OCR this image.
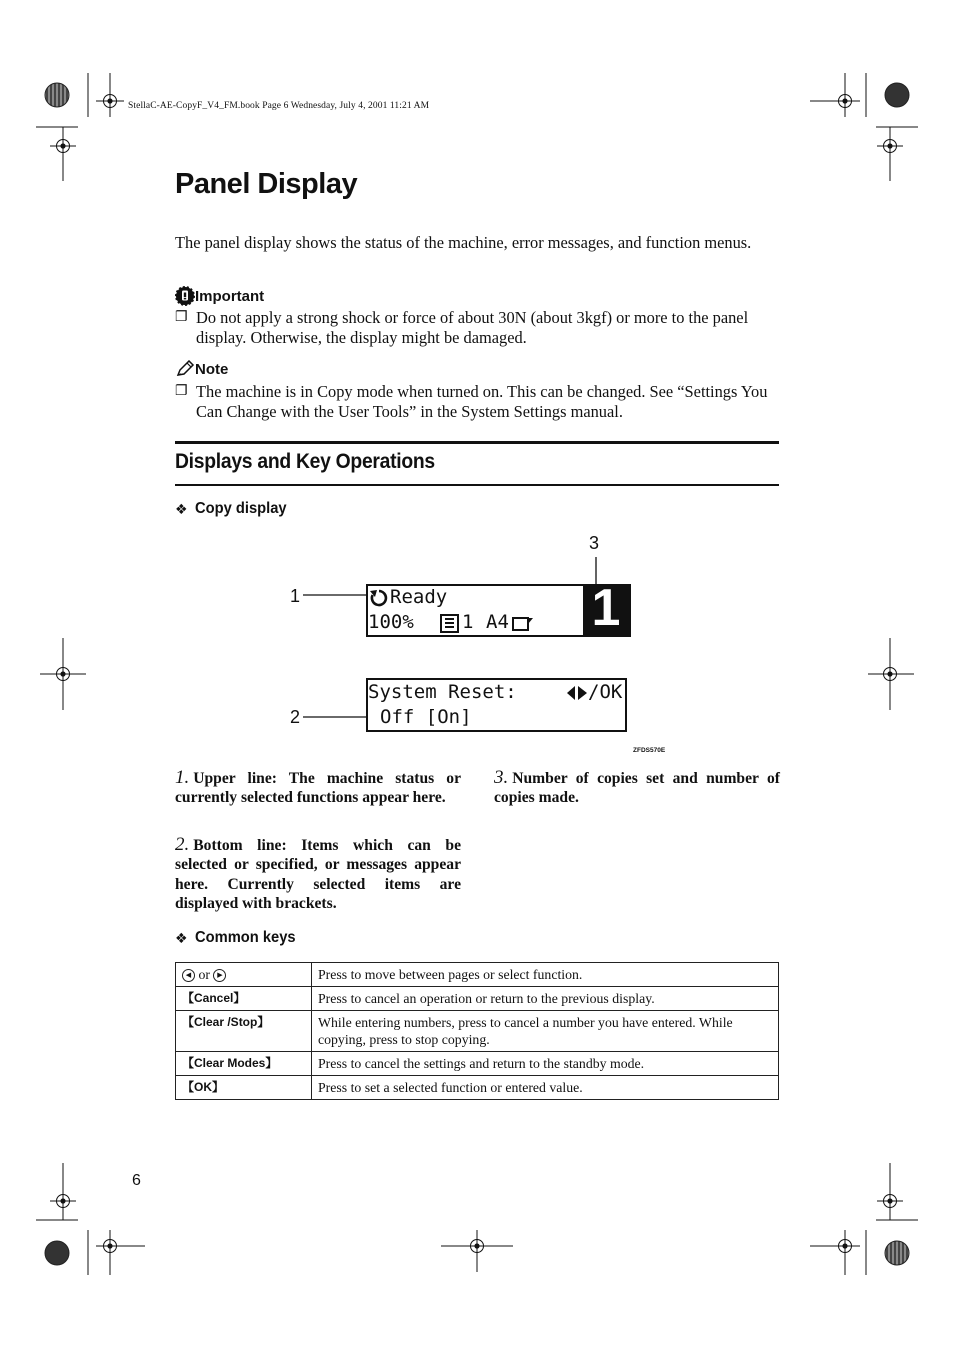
StellaC-AE-CopyF_V4_FM.book Page 6 Wednesday, July 4, 2001 11:21 AM
Panel Display
The panel display shows the status of the machine, error messages, and function menus.
Important
❐ Do not apply a strong shock or force of about 30N (about 3kgf) or more to the panel display. Otherwise, the display might be damaged.
Note
❐ The machine is in Copy mode when turned on. This can be changed. See “Settings You Can Change with the User Tools” in the System Settings manual.
Displays and Key Operations
❖ Copy display
3
1
2
Ready
100%	1 A4 1
System Reset:	/OK
Off [On]
ZFDS570E
1. Upper line: The machine status or currently selected functions appear here.
2. Bottom line: Items which can be selected or specified, or messages appear here. Currently selected items are displayed with brackets.
3. Number of copies set and number of copies made.
❖ Common keys
◀ or ▶	Press to move between pages or select function.
【Cancel】	Press to cancel an operation or return to the previous display.
【Clear /Stop】	While entering numbers, press to cancel a number you have entered. While copying, press to stop copying.
【Clear Modes】	Press to cancel the settings and return to the standby mode.
【OK】	Press to set a selected function or entered value.
6
